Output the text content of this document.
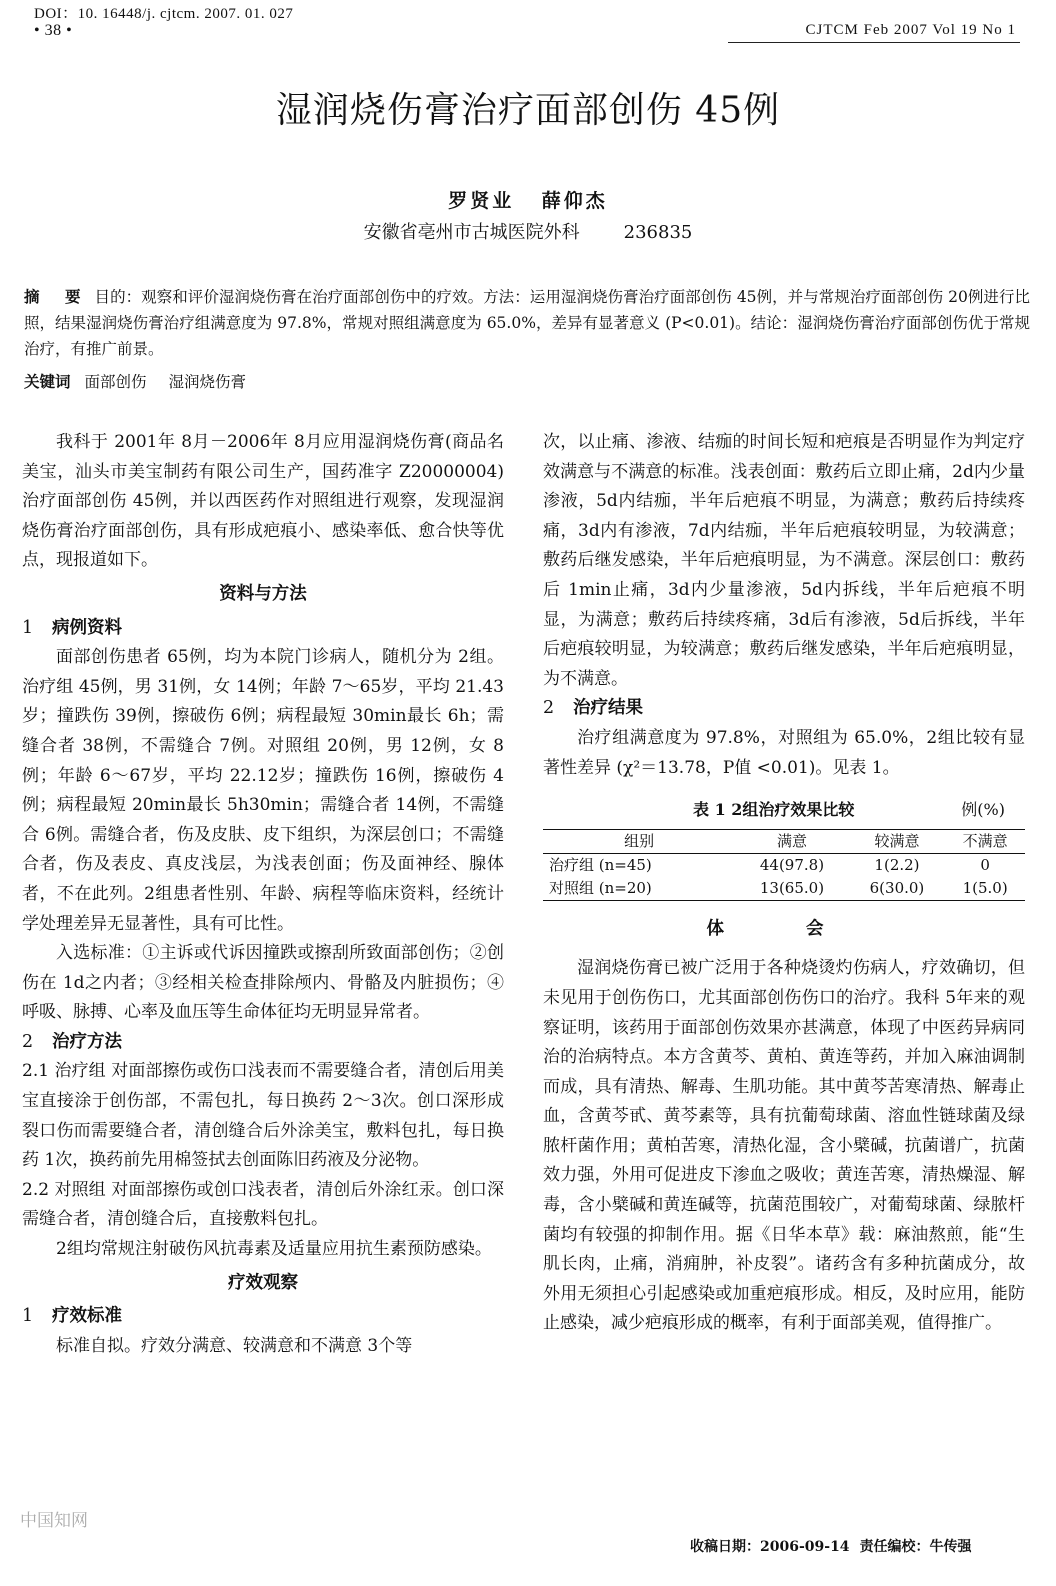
DOI：10. 16448/j. cjtcm. 2007. 01. 027
• 38 •	CJTCM Feb 2007 Vol 19 No 1
湿润烧伤膏治疗面部创伤 45例
罗贤业 薛仰杰
安徽省亳州市古城医院外科 236835
摘 要 目的：观察和评价湿润烧伤膏在治疗面部创伤中的疗效。方法：运用湿润烧伤膏治疗面部创伤 45例，并与常规治疗面部创伤 20例进行比照，结果湿润烧伤膏治疗组满意度为 97.8%，常规对照组满意度为 65.0%，差异有显著意义 (P<0.01)。结论：湿润烧伤膏治疗面部创伤优于常规治疗，有推广前景。
关键词 面部创伤 湿润烧伤膏

我科于 2001年 8月－2006年 8月应用湿润烧伤膏(商品名美宝，汕头市美宝制药有限公司生产，国药准字 Z20000004)治疗面部创伤 45例，并以西医药作对照组进行观察，发现湿润烧伤膏治疗面部创伤，具有形成疤痕小、感染率低、愈合快等优点，现报道如下。

资料与方法
1 病例资料

面部创伤患者 65例，均为本院门诊病人，随机分为 2组。治疗组 45例，男 31例，女 14例；年龄 7～65岁，平均 21.43岁；撞跌伤 39例，擦破伤 6例；病程最短 30min最长 6h；需缝合者 38例，不需缝合 7例。对照组 20例，男 12例，女 8例；年龄 6～67岁，平均 22.12岁；撞跌伤 16例，擦破伤 4例；病程最短 20min最长 5h30min；需缝合者 14例，不需缝合 6例。需缝合者，伤及皮肤、皮下组织，为深层创口；不需缝合者，伤及表皮、真皮浅层，为浅表创面；伤及面神经、腺体者，不在此列。2组患者性别、年龄、病程等临床资料，经统计学处理差异无显著性，具有可比性。

入选标准：①主诉或代诉因撞跌或擦刮所致面部创伤；②创伤在 1d之内者；③经相关检查排除颅内、骨骼及内脏损伤；④呼吸、脉搏、心率及血压等生命体征均无明显异常者。

2 治疗方法

2.1 治疗组 对面部擦伤或伤口浅表而不需要缝合者，清创后用美宝直接涂于创伤部，不需包扎，每日换药 2～3次。创口深形成裂口伤而需要缝合者，清创缝合后外涂美宝，敷料包扎，每日换药 1次，换药前先用棉签拭去创面陈旧药液及分泌物。

2.2 对照组 对面部擦伤或创口浅表者，清创后外涂红汞。创口深需缝合者，清创缝合后，直接敷料包扎。

2组均常规注射破伤风抗毒素及适量应用抗生素预防感染。

疗效观察
1 疗效标准

标准自拟。疗效分满意、较满意和不满意 3个等

次，以止痛、渗液、结痂的时间长短和疤痕是否明显作为判定疗效满意与不满意的标准。浅表创面：敷药后立即止痛，2d内少量渗液，5d内结痂，半年后疤痕不明显，为满意；敷药后持续疼痛，3d内有渗液，7d内结痂，半年后疤痕较明显，为较满意；敷药后继发感染，半年后疤痕明显，为不满意。深层创口：敷药后 1min止痛，3d内少量渗液，5d内拆线，半年后疤痕不明显，为满意；敷药后持续疼痛，3d后有渗液，5d后拆线，半年后疤痕较明显，为较满意；敷药后继发感染，半年后疤痕明显，为不满意。

2 治疗结果

治疗组满意度为 97.8%，对照组为 65.0%，2组比较有显著性差异 (χ²＝13.78，P值 <0.01)。见表 1。

表 1 2组治疗效果比较	例(%)
组别	满意	较满意	不满意
治疗组 (n=45)	44(97.8)	1(2.2)	0
对照组 (n=20)	13(65.0)	6(30.0)	1(5.0)
体 会

湿润烧伤膏已被广泛用于各种烧烫灼伤病人，疗效确切，但未见用于创伤伤口，尤其面部创伤伤口的治疗。我科 5年来的观察证明，该药用于面部创伤效果亦甚满意，体现了中医药异病同治的治病特点。本方含黄芩、黄柏、黄连等药，并加入麻油调制而成，具有清热、解毒、生肌功能。其中黄芩苦寒清热、解毒止血，含黄芩甙、黄芩素等，具有抗葡萄球菌、溶血性链球菌及绿脓杆菌作用；黄柏苦寒，清热化湿，含小檗碱，抗菌谱广，抗菌效力强，外用可促进皮下渗血之吸收；黄连苦寒，清热燥湿、解毒，含小檗碱和黄连碱等，抗菌范围较广，对葡萄球菌、绿脓杆菌均有较强的抑制作用。据《日华本草》载：麻油熬煎，能“生肌长肉，止痛，消痈肿，补皮裂”。诸药含有多种抗菌成分，故外用无须担心引起感染或加重疤痕形成。相反，及时应用，能防止感染，减少疤痕形成的概率，有利于面部美观，值得推广。

中国知网
收稿日期：2006-09-14 责任编校：牛传强
